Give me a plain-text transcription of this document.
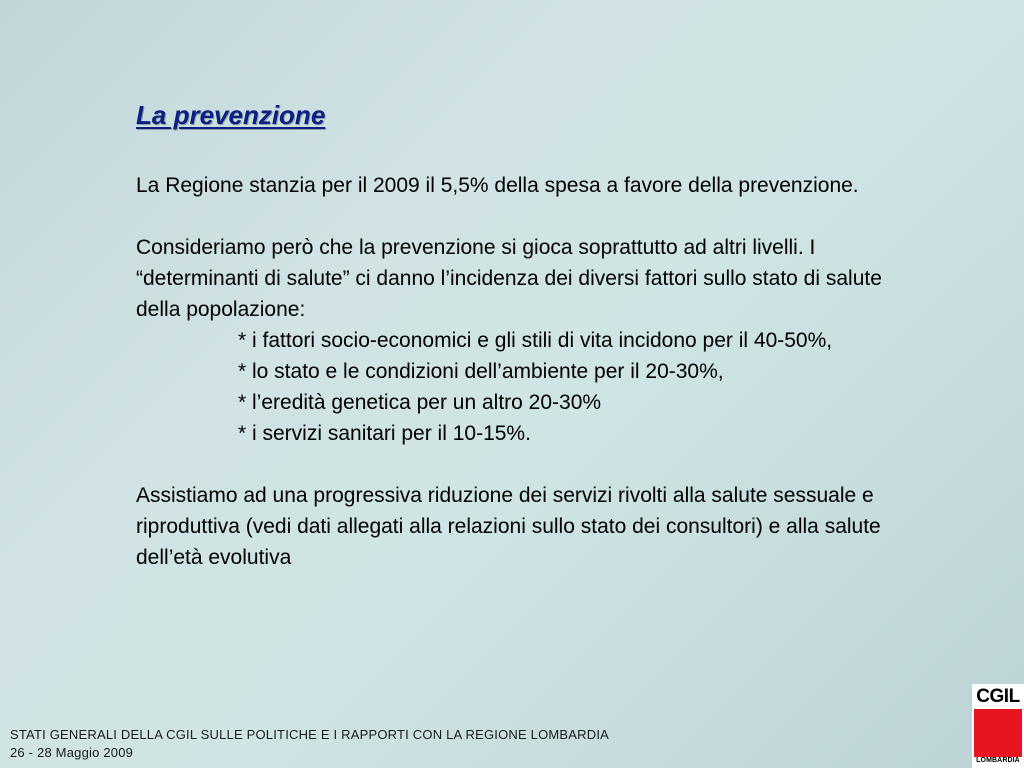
La prevenzione

La Regione stanzia per il 2009 il 5,5% della spesa a favore della prevenzione.

Consideriamo però che la prevenzione si gioca soprattutto ad altri livelli. I “determinanti di salute” ci danno l’incidenza dei diversi fattori sullo stato di salute della popolazione:

* i fattori socio-economici e gli stili di vita incidono per il 40-50%,
* lo stato e le condizioni dell’ambiente per il 20-30%,
* l’eredità genetica per un altro 20-30%
* i servizi sanitari per il 10-15%.

Assistiamo ad una progressiva riduzione dei servizi rivolti alla salute sessuale e riproduttiva (vedi dati allegati alla relazioni sullo stato dei consultori) e alla salute dell’età evolutiva

STATI GENERALI DELLA CGIL SULLE POLITICHE E I RAPPORTI CON LA REGIONE LOMBARDIA
26 - 28 Maggio 2009
CGIL
LOMBARDIA
